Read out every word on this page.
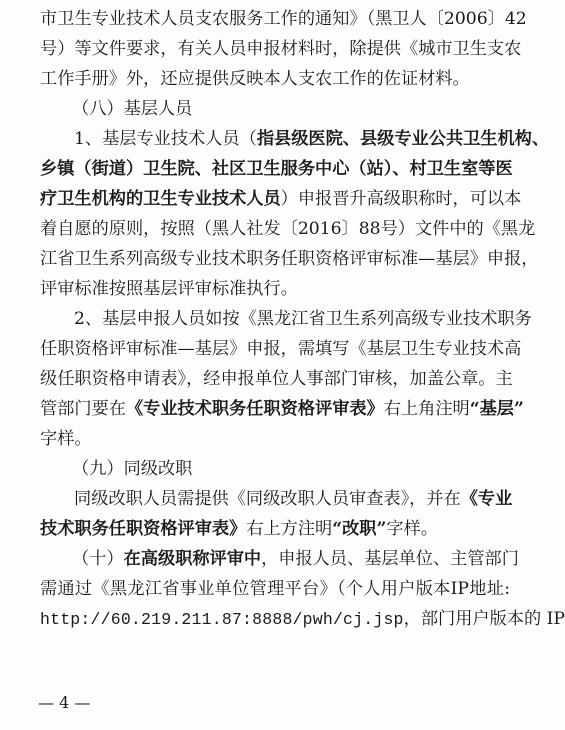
市卫生专业技术人员支农服务工作的通知》（黑卫人〔2006〕42
号）等文件要求，有关人员申报材料时，除提供《城市卫生支农
工作手册》外，还应提供反映本人支农工作的佐证材料。
（八）基层人员
1、基层专业技术人员（指县级医院、县级专业公共卫生机构、
乡镇（街道）卫生院、社区卫生服务中心（站）、村卫生室等医
疗卫生机构的卫生专业技术人员）申报晋升高级职称时，可以本
着自愿的原则，按照（黑人社发〔2016〕88号）文件中的《黑龙
江省卫生系列高级专业技术职务任职资格评审标准—基层》申报，
评审标准按照基层评审标准执行。
2、基层申报人员如按《黑龙江省卫生系列高级专业技术职务
任职资格评审标准—基层》申报，需填写《基层卫生专业技术高
级任职资格申请表》，经申报单位人事部门审核，加盖公章。主
管部门要在《专业技术职务任职资格评审表》右上角注明“基层”
字样。
（九）同级改职
同级改职人员需提供《同级改职人员审查表》，并在《专业
技术职务任职资格评审表》右上方注明“改职”字样。
（十）在高级职称评审中，申报人员、基层单位、主管部门
需通过《黑龙江省事业单位管理平台》（个人用户版本IP地址:
http://60.219.211.87:8888/pwh/cj.jsp，部门用户版本的 IP
— 4 —
